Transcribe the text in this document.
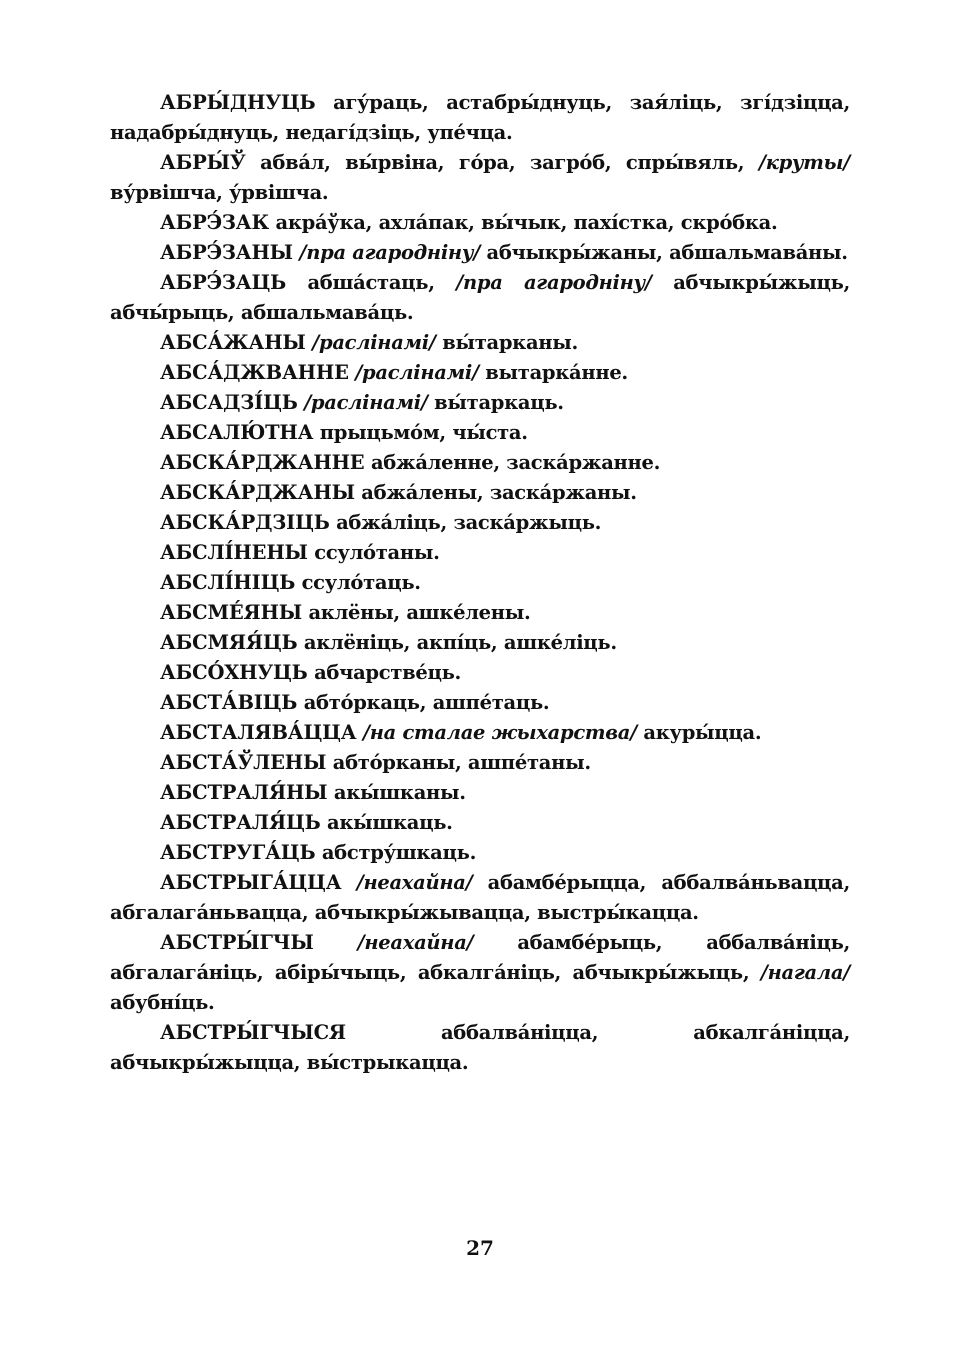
АБРЫ́ДНУЦЬ агу́раць, астабры́днуць, зая́ліць, згі́дзіцца, надабры́днуць, недагі́дзіць, упе́чца.

АБРЫ́Ў абва́л, вы́рвіна, го́ра, загро́б, спры́вяль, /круты/ ву́рвішча, у́рвішча.

АБРЭ́ЗАК акра́ўка, ахла́пак, вы́чык, пахі́стка, скро́бка.

АБРЭ́ЗАНЫ /пра агародніну/ абчыкры́жаны, абшальмава́ны.

АБРЭ́ЗАЦЬ абша́стаць, /пра агародніну/ абчыкры́жыць, абчы́рыць, абшальмава́ць.

АБСА́ЖАНЫ /раслінамі/ вы́тарканы.

АБСА́ДЖВАННЕ /раслінамі/ вытарка́нне.

АБСАДЗІ́ЦЬ /раслінамі/ вы́таркаць.

АБСАЛЮ́ТНА прыцьмо́м, чы́ста.

АБСКА́РДЖАННЕ абжа́ленне, заска́ржанне.

АБСКА́РДЖАНЫ абжа́лены, заска́ржаны.

АБСКА́РДЗІЦЬ абжа́ліць, заска́ржыць.

АБСЛІ́НЕНЫ ссуло́таны.

АБСЛІ́НІЦЬ ссуло́таць.

АБСМЕ́ЯНЫ аклёны, ашке́лены.

АБСМЯЯ́ЦЬ аклёніць, акпі́ць, ашке́ліць.

АБСО́ХНУЦЬ абчарстве́ць.

АБСТА́ВІЦЬ абто́ркаць, ашпе́таць.

АБСТАЛЯВА́ЦЦА /на сталае жыхарства/ акуры́цца.

АБСТА́ЎЛЕНЫ абто́рканы, ашпе́таны.

АБСТРАЛЯ́НЫ акы́шканы.

АБСТРАЛЯ́ЦЬ акы́шкаць.

АБСТРУГА́ЦЬ абстру́шкаць.

АБСТРЫГА́ЦЦА /неахайна/ абамбе́рыцца, аббалва́ньвацца, абгалага́ньвацца, абчыкры́жывацца, выстры́кацца.

АБСТРЫ́ГЧЫ /неахайна/ абамбе́рыць, аббалва́ніць, абгалага́ніць, абіры́чыць, абкалга́ніць, абчыкры́жыць, /нагала/ абубні́ць.

АБСТРЫ́ГЧЫСЯ аббалва́ніцца, абкалга́ніцца, абчыкры́жыцца, вы́стрыкацца.

27
